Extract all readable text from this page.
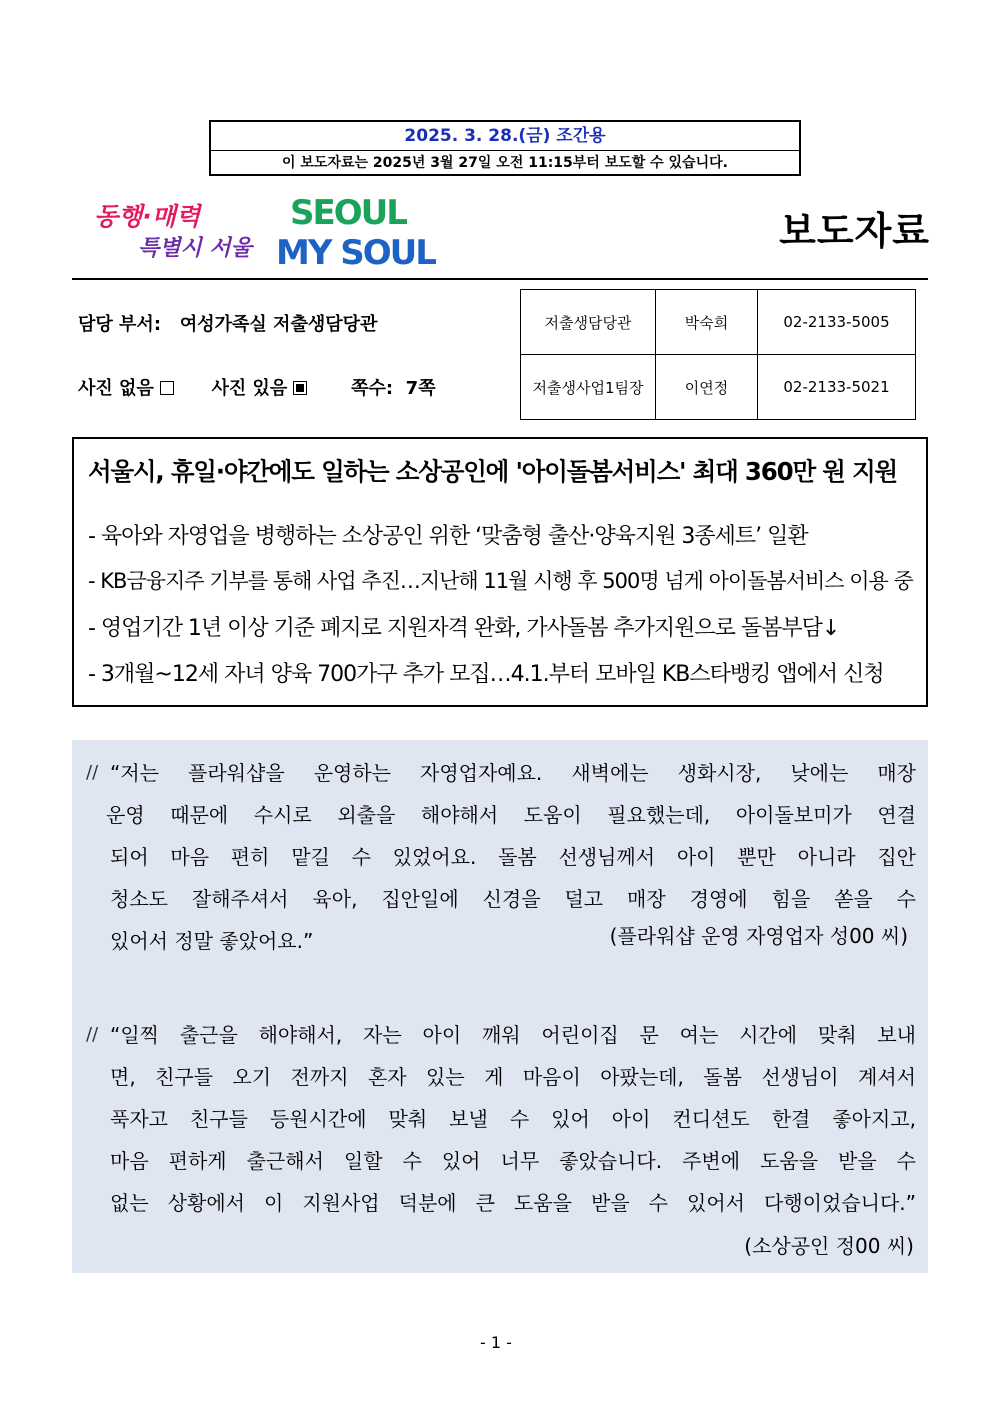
2025. 3. 28.(금) 조간용
이 보도자료는 2025년 3월 27일 오전 11:15부터 보도할 수 있습니다.
동행·매력
특별시 서울
SEOUL
MY SOUL	보도자료
담당 부서: 여성가족실 저출생담당관
사진 없음	사진 있음	쪽수: 7쪽
저출생담당관	박숙희	02-2133-5005
저출생사업1팀장	이연정	02-2133-5021
서울시, 휴일·야간에도 일하는 소상공인에 '아이돌봄서비스' 최대 360만 원 지원
- 육아와 자영업을 병행하는 소상공인 위한 ‘맞춤형 출산·양육지원 3종세트’ 일환
- KB금융지주 기부를 통해 사업 추진…지난해 11월 시행 후 500명 넘게 아이돌봄서비스 이용 중
- 영업기간 1년 이상 기준 폐지로 지원자격 완화, 가사돌봄 추가지원으로 돌봄부담↓
- 3개월~12세 자녀 양육 700가구 추가 모집…4.1.부터 모바일 KB스타뱅킹 앱에서 신청
// “저는 플라워샵을 운영하는 자영업자예요. 새벽에는 생화시장, 낮에는 매장
운영 때문에 수시로 외출을 해야해서 도움이 필요했는데, 아이돌보미가 연결
되어 마음 편히 맡길 수 있었어요. 돌봄 선생님께서 아이 뿐만 아니라 집안
청소도 잘해주셔서 육아, 집안일에 신경을 덜고 매장 경영에 힘을 쏟을 수
있어서 정말 좋았어요.”	(플라워샵 운영 자영업자 성00 씨)
// “일찍 출근을 해야해서, 자는 아이 깨워 어린이집 문 여는 시간에 맞춰 보내
면, 친구들 오기 전까지 혼자 있는 게 마음이 아팠는데, 돌봄 선생님이 계셔서
푹자고 친구들 등원시간에 맞춰 보낼 수 있어 아이 컨디션도 한결 좋아지고,
마음 편하게 출근해서 일할 수 있어 너무 좋았습니다. 주변에 도움을 받을 수
없는 상황에서 이 지원사업 덕분에 큰 도움을 받을 수 있어서 다행이었습니다.”
(소상공인 정00 씨)
- 1 -
